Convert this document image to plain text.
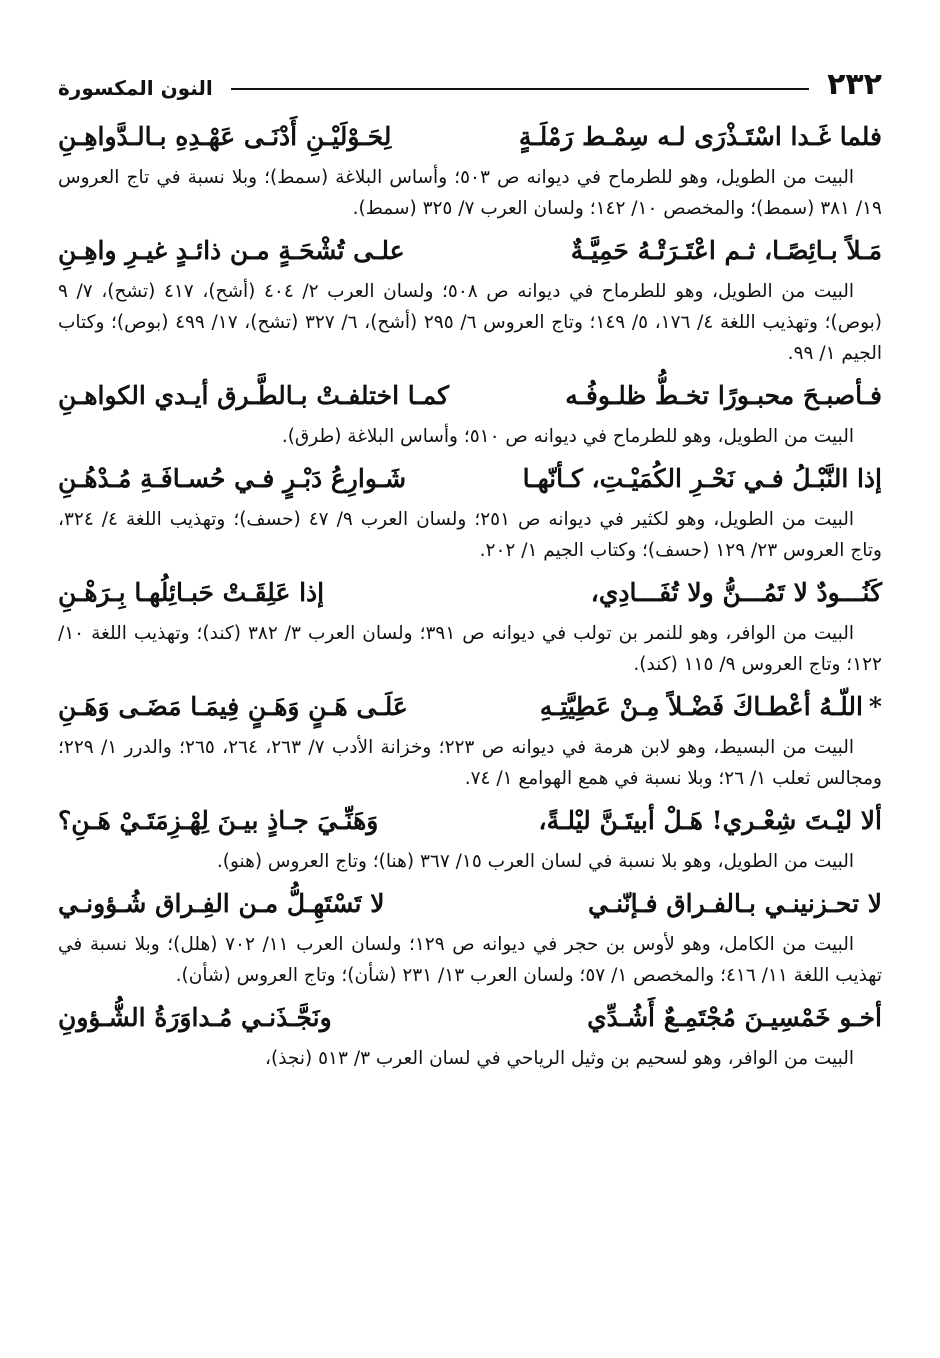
٢٣٢
النون المكسورة
فلما غَـدا اسْتَـذْرَى لـه سِمْـط رَمْلَـةٍ
لِحَـوْلَيْـنِ أَدْنَـى عَهْـدِهِ بـالـدَّواهِـنِ

البيت من الطويل، وهو للطرماح في ديوانه ص ٥٠٣؛ وأساس البلاغة (سمط)؛ وبلا نسبة في تاج العروس ١٩/ ٣٨١ (سمط)؛ والمخصص ١٠/ ١٤٢؛ ولسان العرب ٧/ ٣٢٥ (سمط).

مَـلاً بـائِصًـا، ثـم اعْتَـرَتْـهُ حَمِيَّـةٌ
علـى تُشْحَـةٍ مـن ذائـدٍ غيـرِ واهِـنِ

البيت من الطويل، وهو للطرماح في ديوانه ص ٥٠٨؛ ولسان العرب ٢/ ٤٠٤ (أشح)، ٤١٧ (تشح)، ٧/ ٩ (بوص)؛ وتهذيب اللغة ٤/ ١٧٦، ٥/ ١٤٩؛ وتاج العروس ٦/ ٢٩٥ (أشح)، ٦/ ٣٢٧ (تشح)، ١٧/ ٤٩٩ (بوص)؛ وكتاب الجيم ١/ ٩٩.

فـأصبـحَ محبـورًا تخـطُّ ظلـوفُـه
كمـا اختلفـتْ بـالطَّـرق أيـدي الكواهـنِ

البيت من الطويل، وهو للطرماح في ديوانه ص ٥١٠؛ وأساس البلاغة (طرق).

إذا النَّبْـلُ فـي نَحْـرِ الكُمَيْـتِ، كـأنّهـا
شَـوارِعُ دَبْـرٍ فـي حُسـافَـةِ مُـدْهُـنِ

البيت من الطويل، وهو لكثير في ديوانه ص ٢٥١؛ ولسان العرب ٩/ ٤٧ (حسف)؛ وتهذيب اللغة ٤/ ٣٢٤، وتاج العروس ٢٣/ ١٢٩ (حسف)؛ وكتاب الجيم ١/ ٢٠٢.

كَنُـــودٌ لا تَمُـــنُّ ولا تُفَـــادِي،
إذا عَلِقَـتْ حَبـائِلُهـا بِـرَهْـنِ

البيت من الوافر، وهو للنمر بن تولب في ديوانه ص ٣٩١؛ ولسان العرب ٣/ ٣٨٢ (كند)؛ وتهذيب اللغة ١٠/ ١٢٢؛ وتاج العروس ٩/ ١١٥ (كند).

*اللّـهُ أعْطـاكَ فَضْـلاً مِـنْ عَطِيَّتِـهِ
عَلَـى هَـنٍ وَهَـنٍ فِيمَـا مَضَـى وَهَـنِ

البيت من البسيط، وهو لابن هرمة في ديوانه ص ٢٢٣؛ وخزانة الأدب ٧/ ٢٦٣، ٢٦٤، ٢٦٥؛ والدرر ١/ ٢٢٩؛ ومجالس ثعلب ١/ ٢٦؛ وبلا نسبة في همع الهوامع ١/ ٧٤.

ألا ليْـتَ شِعْـري! هَـلْ أبيتَـنَّ ليْلـةً،
وَهَنِّـيَ جـاذٍ بيـنَ لِهْـزِمَتَـيْ هَـنِ؟

البيت من الطويل، وهو بلا نسبة في لسان العرب ١٥/ ٣٦٧ (هنا)؛ وتاج العروس (هنو).

لا تحـزنينـي بـالفـراق فـإنّنـي
لا تَسْتَهِـلُّ مـن الفِـراق شُـؤونـي

البيت من الكامل، وهو لأوس بن حجر في ديوانه ص ١٢٩؛ ولسان العرب ١١/ ٧٠٢ (هلل)؛ وبلا نسبة في تهذيب اللغة ١١/ ٤١٦؛ والمخصص ١/ ٥٧؛ ولسان العرب ١٣/ ٢٣١ (شأن)؛ وتاج العروس (شأن).

أخـو خَمْسِيـنَ مُجْتَمِـعٌ أَشُـدِّي
ونَجَّـذَنـي مُـداوَرَةُ الشُّـؤونِ

البيت من الوافر، وهو لسحيم بن وثيل الرياحي في لسان العرب ٣/ ٥١٣ (نجذ)،
